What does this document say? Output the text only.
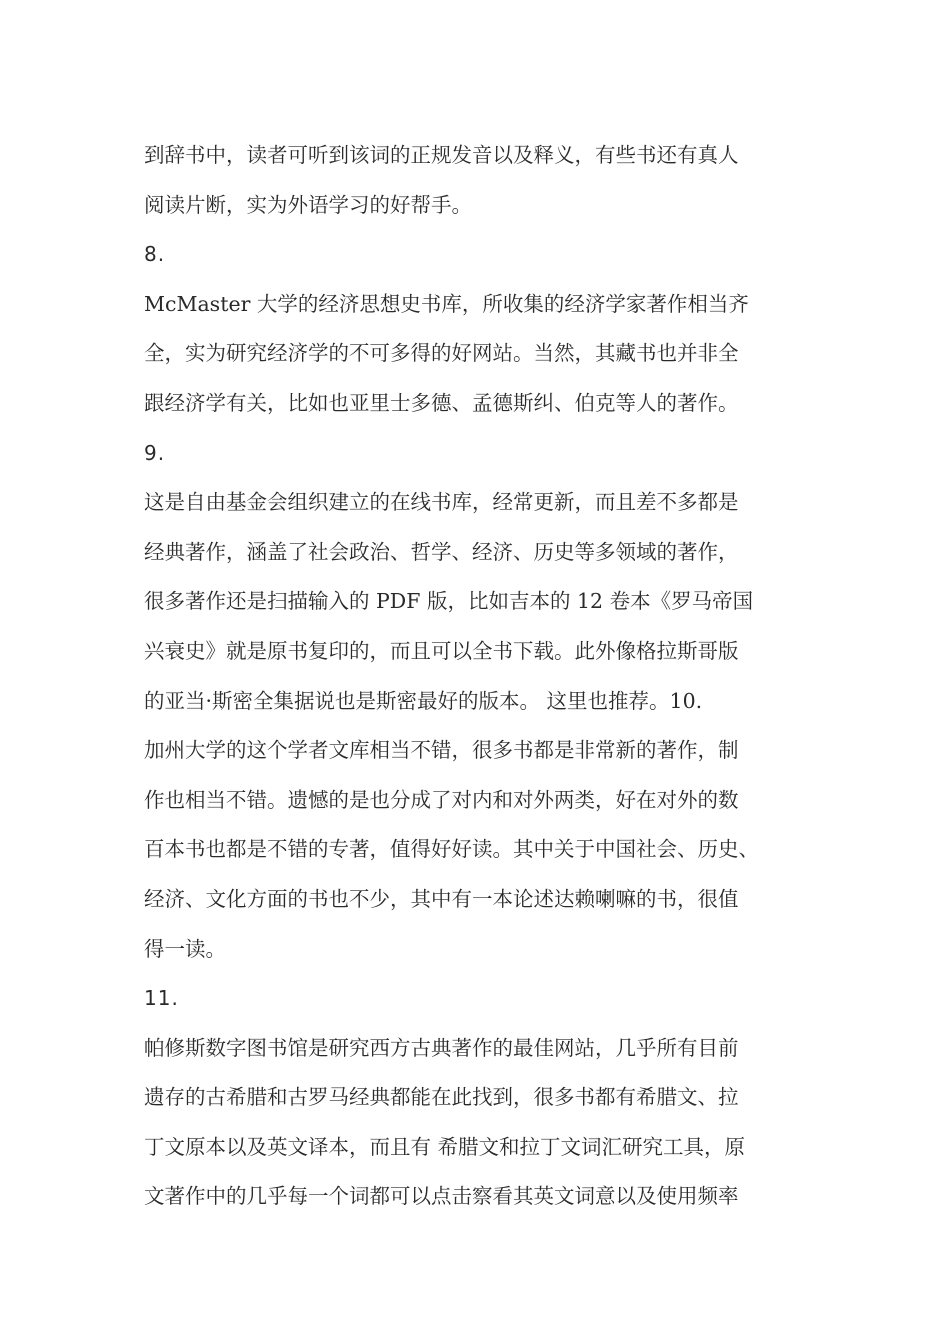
到辞书中，读者可听到该词的正规发音以及释义，有些书还有真人
阅读片断，实为外语学习的好帮手。
8.
McMaster 大学的经济思想史书库，所收集的经济学家著作相当齐
全，实为研究经济学的不可多得的好网站。当然，其藏书也并非全
跟经济学有关，比如也亚里士多德、孟德斯纠、伯克等人的著作。
9.
这是自由基金会组织建立的在线书库，经常更新，而且差不多都是
经典著作，涵盖了社会政治、哲学、经济、历史等多领域的著作，
很多著作还是扫描输入的 PDF 版，比如吉本的 12 卷本《罗马帝国
兴衰史》就是原书复印的，而且可以全书下载。此外像格拉斯哥版
的亚当·斯密全集据说也是斯密最好的版本。 这里也推荐。10.
加州大学的这个学者文库相当不错，很多书都是非常新的著作，制
作也相当不错。遗憾的是也分成了对内和对外两类，好在对外的数
百本书也都是不错的专著，值得好好读。其中关于中国社会、历史、
经济、文化方面的书也不少，其中有一本论述达赖喇嘛的书，很值
得一读。
11.
帕修斯数字图书馆是研究西方古典著作的最佳网站，几乎所有目前
遗存的古希腊和古罗马经典都能在此找到，很多书都有希腊文、拉
丁文原本以及英文译本，而且有 希腊文和拉丁文词汇研究工具，原
文著作中的几乎每一个词都可以点击察看其英文词意以及使用频率
